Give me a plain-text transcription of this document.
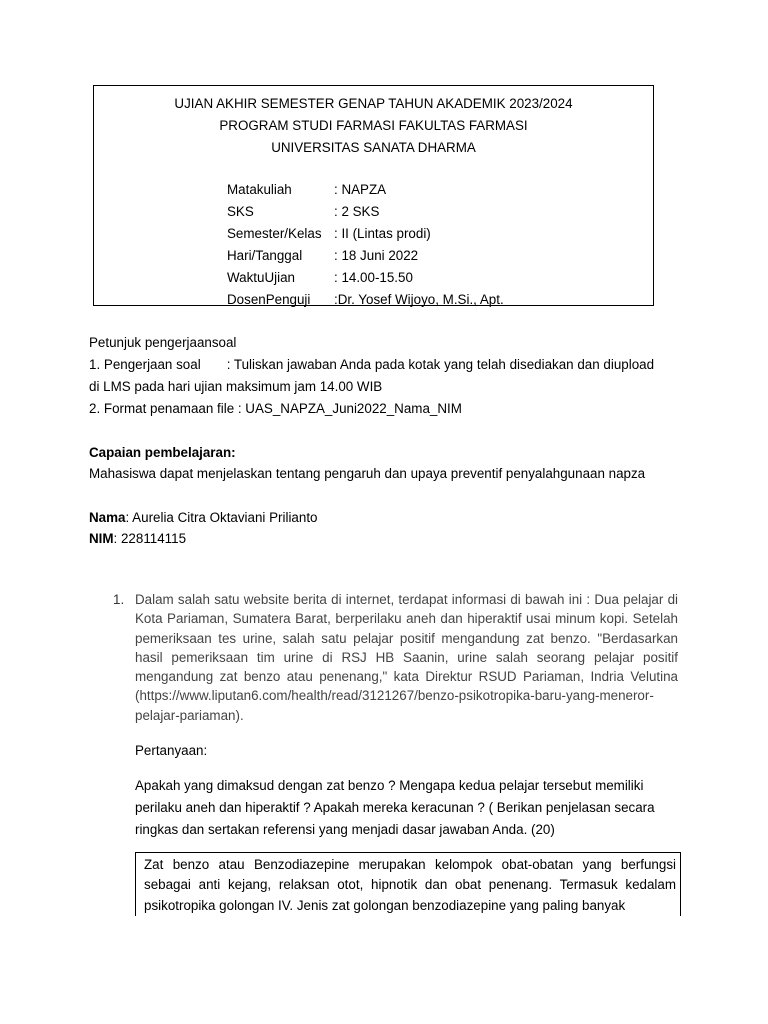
UJIAN AKHIR SEMESTER GENAP TAHUN AKADEMIK 2023/2024
PROGRAM STUDI FARMASI FAKULTAS FARMASI
UNIVERSITAS SANATA DHARMA
Matakuliah	: NAPZA
SKS	: 2 SKS
Semester/Kelas : II (Lintas prodi)
Hari/Tanggal : 18 Juni 2022
WaktuUjian	: 14.00-15.50
DosenPenguji :Dr. Yosef Wijoyo, M.Si., Apt.
Petunjuk pengerjaansoal
1. Pengerjaan soal       : Tuliskan jawaban Anda pada kotak yang telah disediakan dan diupload
di LMS pada hari ujian maksimum jam 14.00 WIB
2. Format penamaan file : UAS_NAPZA_Juni2022_Nama_NIM
Capaian pembelajaran:
Mahasiswa dapat menjelaskan tentang pengaruh dan upaya preventif penyalahgunaan napza
Nama: Aurelia Citra Oktaviani Prilianto
NIM: 228114115
1. Dalam salah satu website berita di internet, terdapat informasi di bawah ini : Dua pelajar di Kota Pariaman, Sumatera Barat, berperilaku aneh dan hiperaktif usai minum kopi. Setelah pemeriksaan tes urine, salah satu pelajar positif mengandung zat benzo. "Berdasarkan hasil pemeriksaan tim urine di RSJ HB Saanin, urine salah seorang pelajar positif mengandung zat benzo atau penenang," kata Direktur RSUD Pariaman, Indria Velutina (https://www.liputan6.com/health/read/3121267/benzo-psikotropika-baru-yang-meneror-pelajar-pariaman).
Pertanyaan:
Apakah yang dimaksud dengan zat benzo ? Mengapa kedua pelajar tersebut memiliki perilaku aneh dan hiperaktif ? Apakah mereka keracunan ? ( Berikan penjelasan secara ringkas dan sertakan referensi yang menjadi dasar jawaban Anda. (20)
Zat benzo atau Benzodiazepine merupakan kelompok obat-obatan yang berfungsi sebagai anti kejang, relaksan otot, hipnotik dan obat penenang. Termasuk kedalam psikotropika golongan IV. Jenis zat golongan benzodiazepine yang paling banyak
